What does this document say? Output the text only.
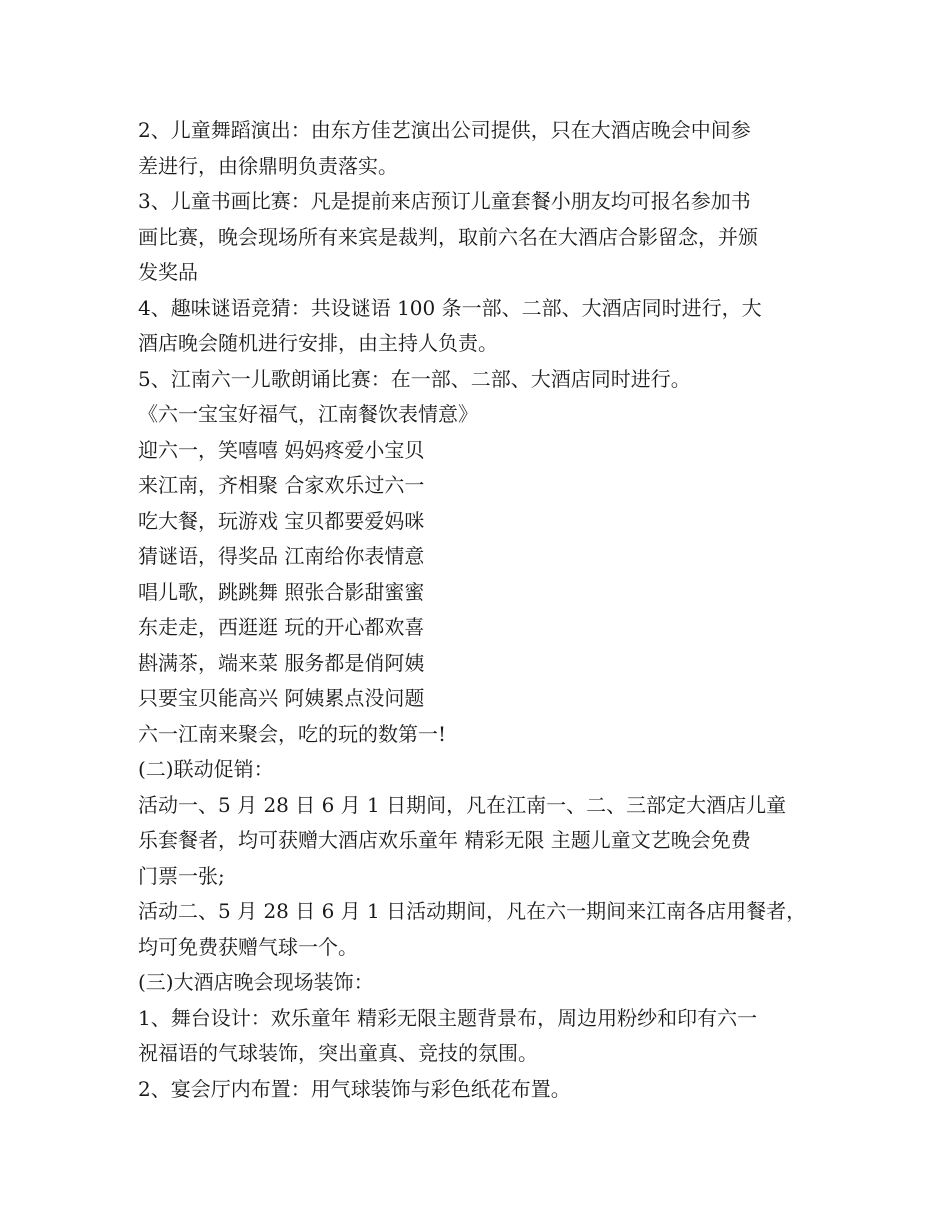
2、儿童舞蹈演出：由东方佳艺演出公司提供，只在大酒店晚会中间参

差进行，由徐鼎明负责落实。

3、儿童书画比赛：凡是提前来店预订儿童套餐小朋友均可报名参加书

画比赛，晚会现场所有来宾是裁判，取前六名在大酒店合影留念，并颁

发奖品

4、趣味谜语竞猜：共设谜语 100 条一部、二部、大酒店同时进行，大

酒店晚会随机进行安排，由主持人负责。

5、江南六一儿歌朗诵比赛：在一部、二部、大酒店同时进行。

《六一宝宝好福气，江南餐饮表情意》

迎六一，笑嘻嘻 妈妈疼爱小宝贝

来江南，齐相聚 合家欢乐过六一

吃大餐，玩游戏 宝贝都要爱妈咪

猜谜语，得奖品 江南给你表情意

唱儿歌，跳跳舞 照张合影甜蜜蜜

东走走，西逛逛 玩的开心都欢喜

斟满茶，端来菜 服务都是俏阿姨

只要宝贝能高兴 阿姨累点没问题

六一江南来聚会，吃的玩的数第一!

(二)联动促销：

活动一、5 月 28 日 6 月 1 日期间，凡在江南一、二、三部定大酒店儿童

乐套餐者，均可获赠大酒店欢乐童年 精彩无限 主题儿童文艺晚会免费

门票一张;

活动二、5 月 28 日 6 月 1 日活动期间，凡在六一期间来江南各店用餐者，

均可免费获赠气球一个。

(三)大酒店晚会现场装饰：

1、舞台设计：欢乐童年 精彩无限主题背景布，周边用粉纱和印有六一

祝福语的气球装饰，突出童真、竞技的氛围。

2、宴会厅内布置：用气球装饰与彩色纸花布置。
